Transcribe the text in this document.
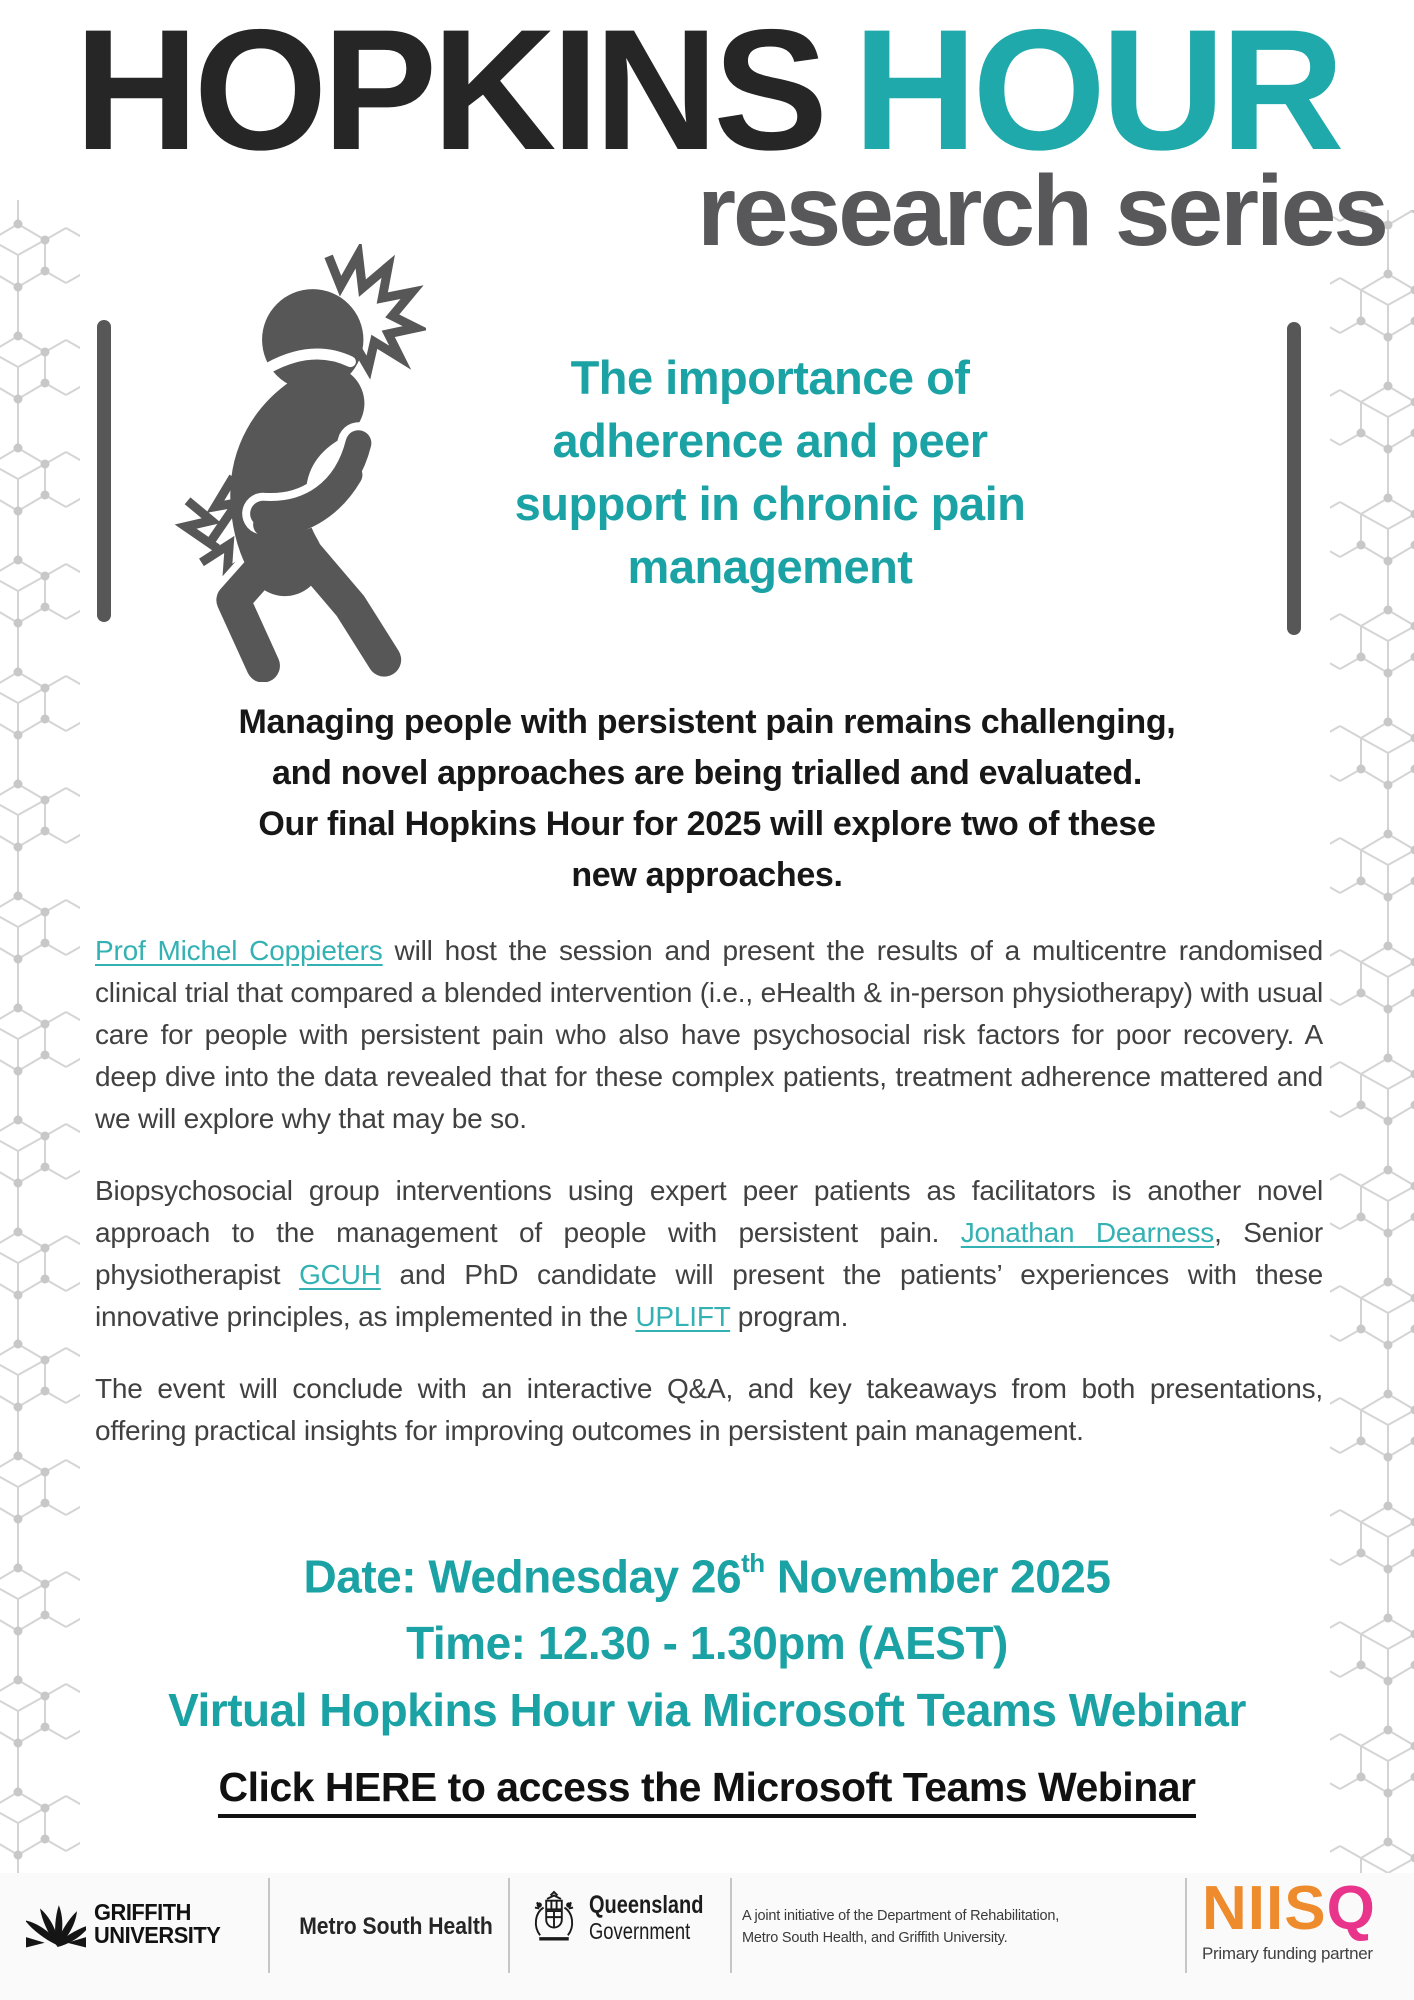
HOPKINS HOUR
research series
The importance of
adherence and peer
support in chronic pain
management
Managing people with persistent pain remains challenging,
and novel approaches are being trialled and evaluated.
Our final Hopkins Hour for 2025 will explore two of these
new approaches.

Prof Michel Coppieters will host the session and present the results of a multicentre randomised clinical trial that compared a blended intervention (i.e., eHealth & in-person physiotherapy) with usual care for people with persistent pain who also have psychosocial risk factors for poor recovery. A deep dive into the data revealed that for these complex patients, treatment adherence mattered and we will explore why that may be so.

Biopsychosocial group interventions using expert peer patients as facilitators is another novel approach to the management of people with persistent pain. Jonathan Dearness, Senior physiotherapist GCUH and PhD candidate will present the patients’ experiences with these innovative principles, as implemented in the UPLIFT program.

The event will conclude with an interactive Q&A, and key takeaways from both presentations, offering practical insights for improving outcomes in persistent pain management.

Date: Wednesday 26th November 2025
Time: 12.30 - 1.30pm (AEST)
Virtual Hopkins Hour via Microsoft Teams Webinar
Click HERE to access the Microsoft Teams Webinar
GRIFFITH
UNIVERSITY	Metro South Health
Queensland
Government
A joint initiative of the Department of Rehabilitation,
Metro South Health, and Griffith University.	NIISQ
Primary funding partner
